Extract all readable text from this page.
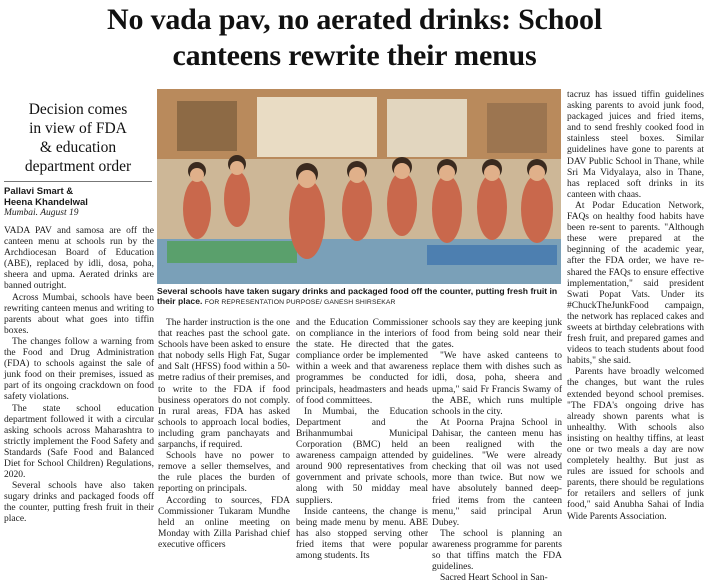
No vada pav, no aerated drinks: School
canteens rewrite their menus
Decision comes
in view of FDA
& education
department order
Pallavi Smart &
Heena Khandelwal
Mumbai. August 19

VADA PAV and samosa are off the canteen menu at schools run by the Archdiocesan Board of Education (ABE), replaced by idli, dosa, poha, sheera and upma. Aerated drinks are banned outright.

Across Mumbai, schools have been rewriting canteen menus and writing to parents about what goes into tiffin boxes.

The changes follow a warning from the Food and Drug Administration (FDA) to schools against the sale of junk food on their premises, issued as part of its ongoing crackdown on food safety violations.

The state school education department followed it with a circular asking schools across Maharashtra to strictly implement the Food Safety and Standards (Safe Food and Balanced Diet for School Children) Regulations, 2020.

Several schools have also taken sugary drinks and packaged foods off the counter, putting fresh fruit in their place.

Several schools have taken sugary drinks and packaged food off the counter, putting fresh fruit in their place. FOR REPRESENTATION PURPOSE/ GANESH SHIRSEKAR

The harder instruction is the one that reaches past the school gate. Schools have been asked to ensure that nobody sells High Fat, Sugar and Salt (HFSS) food within a 50-metre radius of their premises, and to write to the FDA if food business operators do not comply. In rural areas, FDA has asked schools to approach local bodies, including gram panchayats and sarpanchs, if required.

Schools have no power to remove a seller themselves, and the rule places the burden of reporting on principals.

According to sources, FDA Commissioner Tukaram Mundhe held an online meeting on Monday with Zilla Parishad chief executive officers

and the Education Commissioner on compliance in the interiors of the state. He directed that the compliance order be implemented within a week and that awareness programmes be conducted for principals, headmasters and heads of food committees.

In Mumbai, the Education Department and the Brihanmumbai Municipal Corporation (BMC) held an awareness campaign attended by around 900 representatives from government and private schools, along with 50 midday meal suppliers.

Inside canteens, the change is being made menu by menu. ABE has also stopped serving other fried items that were popular among students. Its

schools say they are keeping junk food from being sold near their gates.

"We have asked canteens to replace them with dishes such as idli, dosa, poha, sheera and upma," said Fr Francis Swamy of the ABE, which runs multiple schools in the city.

At Poorna Prajna School in Dahisar, the canteen menu has been realigned with the guidelines. "We were already checking that oil was not used more than twice. But now we have absolutely banned deep-fried items from the canteen menu," said principal Arun Dubey.

The school is planning an awareness programme for parents so that tiffins match the FDA guidelines.

Sacred Heart School in San-

tacruz has issued tiffin guidelines asking parents to avoid junk food, packaged juices and fried items, and to send freshly cooked food in stainless steel boxes. Similar guidelines have gone to parents at DAV Public School in Thane, while Sri Ma Vidyalaya, also in Thane, has replaced soft drinks in its canteen with chaas.

At Podar Education Network, FAQs on healthy food habits have been re-sent to parents. "Although these were prepared at the beginning of the academic year, after the FDA order, we have re-shared the FAQs to ensure effective implementation," said president Swati Popat Vats. Under its #ChuckTheJunkFood campaign, the network has replaced cakes and sweets at birthday celebrations with fresh fruit, and prepared games and videos to teach students about food habits," she said.

Parents have broadly welcomed the changes, but want the rules extended beyond school premises. "The FDA's ongoing drive has already shown parents what is unhealthy. With schools also insisting on healthy tiffins, at least one or two meals a day are now completely healthy. But just as rules are issued for schools and parents, there should be regulations for retailers and sellers of junk food," said Anubha Sahai of India Wide Parents Association.
